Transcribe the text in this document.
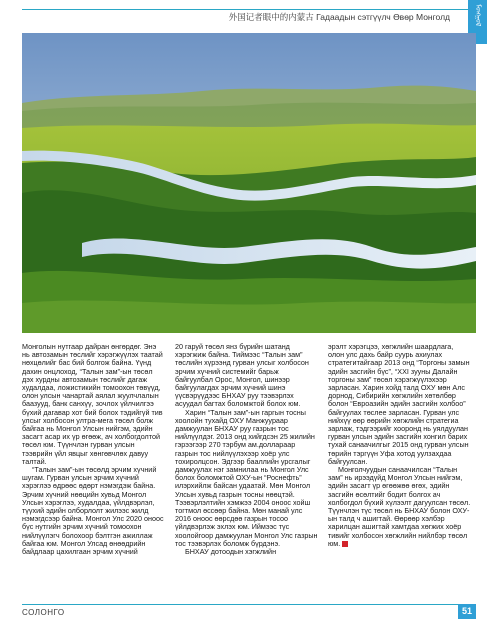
外国记者眼中的内蒙古 Гадаадын сэтгүүлч Өвөр Монголд	ᠮᠣᠩᠭᠣᠯ

Монголын нутгаар дайран өнгөрдөг. Энэ нь автозамын төслийг хэрэгжүүлэх таатай нөхцөлийг бас бий болгож байна. Үүнд дахин онцлоход, “Талын зам”-ын төсөл дэх хурдны автозамын төслийг дагаж худалдаа, ложистикийн томоохон төвүүд, олон улсын чанартай аялал жуулчлалын баазууд, банк санхүү, зочлох үйлчилгээ бүхий дагавар хот бий болох тэдийгүй тив улсыг холбосон ултра-мега төсөл болж байгаа нь Монгол Улсын нийгэм, эдийн засагт асар их үр өгөөж, ач холбогдолтой төсөл юм. Түүнчлэн гурван улсын тээврийн үйл явцыг хөнгөвчлөх давуу талтай.

“Талын зам”-ын төсөлд эрчим хүчний шугам. Гурван улсын эрчим хүчний хэрэглээ өдрөөс өдөрт нэмэгдэж байна. Эрчим хүчний нөөцийн хувьд Монгол Улсын хэрэглээ, худалдаа, үйлдвэрлэл, түүхий эдийн олборлолт жилээс жилд нэмэгдсээр байна. Монгол Улс 2020 оноос бүс нутгийн эрчим хүчний томоохон нийлүүлэгч болохоор бэлтгэн ажиллаж байгаа юм. Монгол Улсад өнөөдрийн байдлаар цахилгаан эрчим хүчний

20 гаруй төсөл янз бүрийн шатанд хэрэгжиж байна. Тиймээс “Талын зам” төслийн хүрээнд гурван улсыг холбосон эрчим хүчний системийг барьж байгуулбал Орос, Монгол, шинээр байгуулагдах эрчим хүчний шинэ үүсвэрүүдээс БНХАУ руу тээвэрлэх асуудал багтах боломжтой болох юм.

Харин “Талын зам”-ын гаргын тосны хоолойн тухайд ОХУ Манжуураар дамжуулан БНХАУ руу газрын тос нийлүүлдэг. 2013 онд хийгдсэн 25 жилийн гэрээгээр 270 тэрбум ам.доллараар газрын тос нийлүүлэхээр хоёр улс тохиролцсон. Эдгээр бааллийн урсгалыг дамжуулах нэг замнилаа нь Монгол Улс болох боломжтой ОХУ-ын “Роснефть” илэрхийлж байсан удаатай. Мөн Монгол Улсын хувьд газрын тосны нөөцтэй. Тээвэрлэлтийн хэмжээ 2004 оноос хойш тогтмол өссөөр байна. Мөн манай улс 2016 оноос өөрсдөө газрын тосоо үйлдвэрлэж эхлэх юм. Иймээс түс хоолойгоор дамжуулан Монгол Улс газрын тос тээвэрлэх боломж бүрдэнэ.

БНХАУ дотоодын хэгжлийн

эрэлт хэрэгцээ, хөгжлийн шаардлага, олон улс дахь байр суурь ахиулах стратегитайгаар 2013 онд “Торгоны замын эдийн засгийн бүс”, “XXI зууны Далайн торгоны зам” төсөл хэрэгжүүлэхээр зарласан. Харин хойд талд ОХУ мөн Алс дорнод, Сибирийн хөгжлийн хөтөлбөр болон “Евроазийн эдийн засгийн холбоо” байгуулах төслее зарласан. Гурван улс нийхүү өөр өөрийн хөгжлийн стратегиа зарлаж, тэдгээрийг хооронд нь уялдуулан гурван улсын эдийн засгийн хонгил барих тухай санаачилгыг 2015 онд гурван улсын төрийн тэргүүн Уфа хотод уулзахдаа байгуулсан.

Монголчуудын санаачилсан “Талын зам” нь ирээдүйд Монгол Улсын нийгэм, эдийн засагт үр өгөөжөө өгөх, эдийн засгийн өсөлтийг бодит болгох ач холбогдол бүхий хүлээлт дагуулсан төсөл. Түүнчлэн түс төсөл нь БНХАУ болон ОХУ-ын талд ч ашигтай. Өөрөөр хэлбэр харилцан ашигтай хамтдаа хөгжих хоёр тивийг холбосон хөгжлийн нийлбэр төсөл юм.

СОЛОНГО	51
